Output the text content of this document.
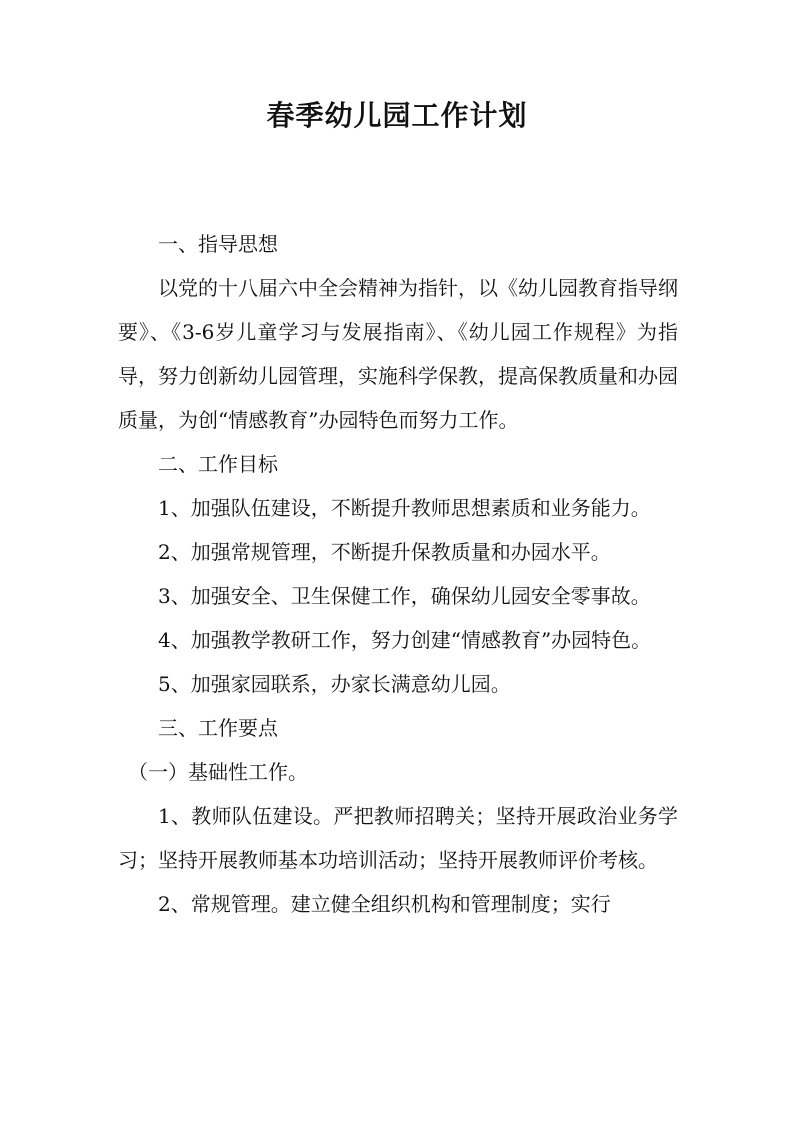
春季幼儿园工作计划

一、指导思想

以党的十八届六中全会精神为指针，以《幼儿园教育指导纲要》、《3-6岁儿童学习与发展指南》、《幼儿园工作规程》为指导，努力创新幼儿园管理，实施科学保教，提高保教质量和办园质量，为创“情感教育”办园特色而努力工作。

二、工作目标

1、加强队伍建设，不断提升教师思想素质和业务能力。

2、加强常规管理，不断提升保教质量和办园水平。

3、加强安全、卫生保健工作，确保幼儿园安全零事故。

4、加强教学教研工作，努力创建“情感教育”办园特色。

5、加强家园联系，办家长满意幼儿园。

三、工作要点

（一）基础性工作。

1、教师队伍建设。严把教师招聘关；坚持开展政治业务学习；坚持开展教师基本功培训活动；坚持开展教师评价考核。

2、常规管理。建立健全组织机构和管理制度；实行
